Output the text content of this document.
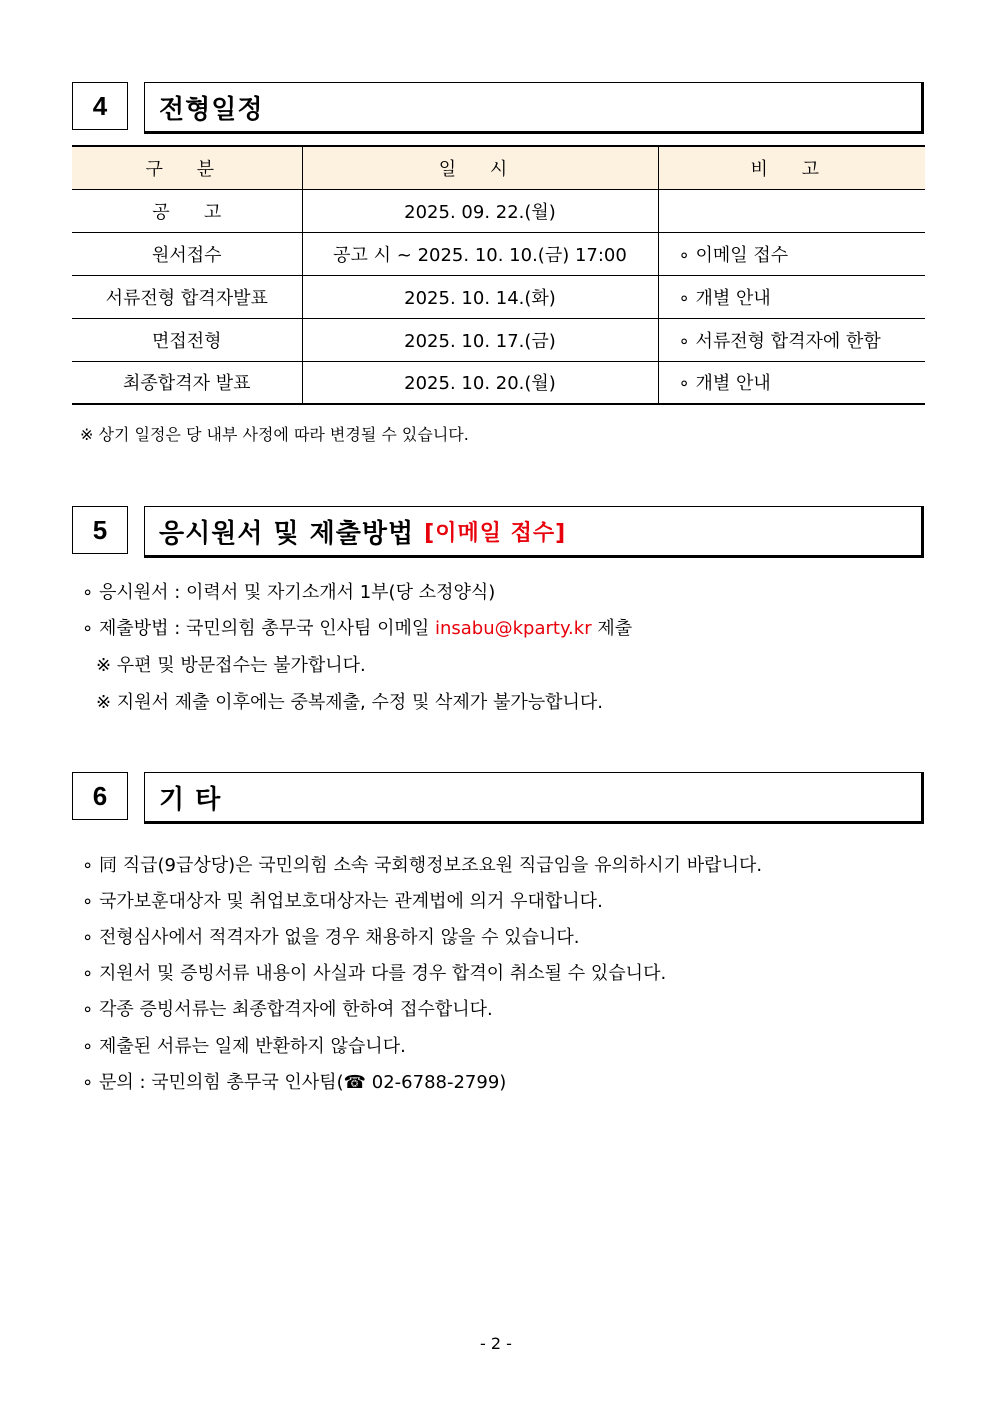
4	전형일정
구 분	일 시	비 고
공      고	2025. 09. 22.(월)	
원서접수	공고 시 ~ 2025. 10. 10.(금) 17:00	∘ 이메일 접수
서류전형 합격자발표	2025. 10. 14.(화)	∘ 개별 안내
면접전형	2025. 10. 17.(금)	∘ 서류전형 합격자에 한함
최종합격자 발표	2025. 10. 20.(월)	∘ 개별 안내
※ 상기 일정은 당 내부 사정에 따라 변경될 수 있습니다.
5	응시원서 및 제출방법 [이메일 접수]
∘ 응시원서 : 이력서 및 자기소개서 1부(당 소정양식)
∘ 제출방법 : 국민의힘 총무국 인사팀 이메일 insabu@kparty.kr 제출
※ 우편 및 방문접수는 불가합니다.
※ 지원서 제출 이후에는 중복제출, 수정 및 삭제가 불가능합니다.
6	기 타
∘ 同 직급(9급상당)은 국민의힘 소속 국회행정보조요원 직급임을 유의하시기 바랍니다.
∘ 국가보훈대상자 및 취업보호대상자는 관계법에 의거 우대합니다.
∘ 전형심사에서 적격자가 없을 경우 채용하지 않을 수 있습니다.
∘ 지원서 및 증빙서류 내용이 사실과 다를 경우 합격이 취소될 수 있습니다.
∘ 각종 증빙서류는 최종합격자에 한하여 접수합니다.
∘ 제출된 서류는 일제 반환하지 않습니다.
∘ 문의 : 국민의힘 총무국 인사팀(☎ 02-6788-2799)
- 2 -
